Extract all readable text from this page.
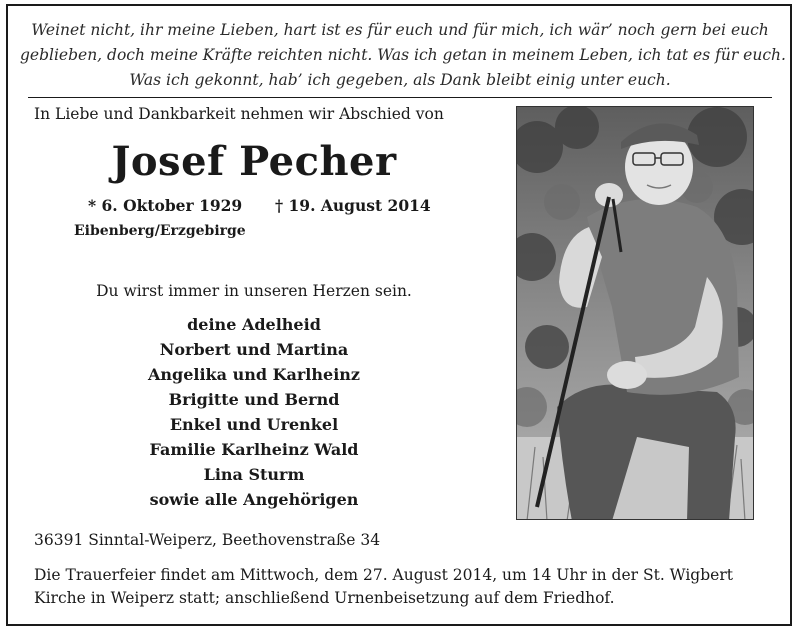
Weinet nicht, ihr meine Lieben, hart ist es für euch und für mich, ich wär’ noch gern bei euch
geblieben, doch meine Kräfte reichten nicht. Was ich getan in meinem Leben, ich tat es für euch.
Was ich gekonnt, hab’ ich gegeben, als Dank bleibt einig unter euch.
In Liebe und Dankbarkeit nehmen wir Abschied von
Josef Pecher
* 6. Oktober 1929 † 19. August 2014
Eibenberg/Erzgebirge
Du wirst immer in unseren Herzen sein.
deine Adelheid
Norbert und Martina
Angelika und Karlheinz
Brigitte und Bernd
Enkel und Urenkel
Familie Karlheinz Wald
Lina Sturm
sowie alle Angehörigen
36391 Sinntal-Weiperz, Beethovenstraße 34
Die Trauerfeier findet am Mittwoch, dem 27. August 2014, um 14 Uhr in der St. Wigbert
Kirche in Weiperz statt; anschließend Urnenbeisetzung auf dem Friedhof.
